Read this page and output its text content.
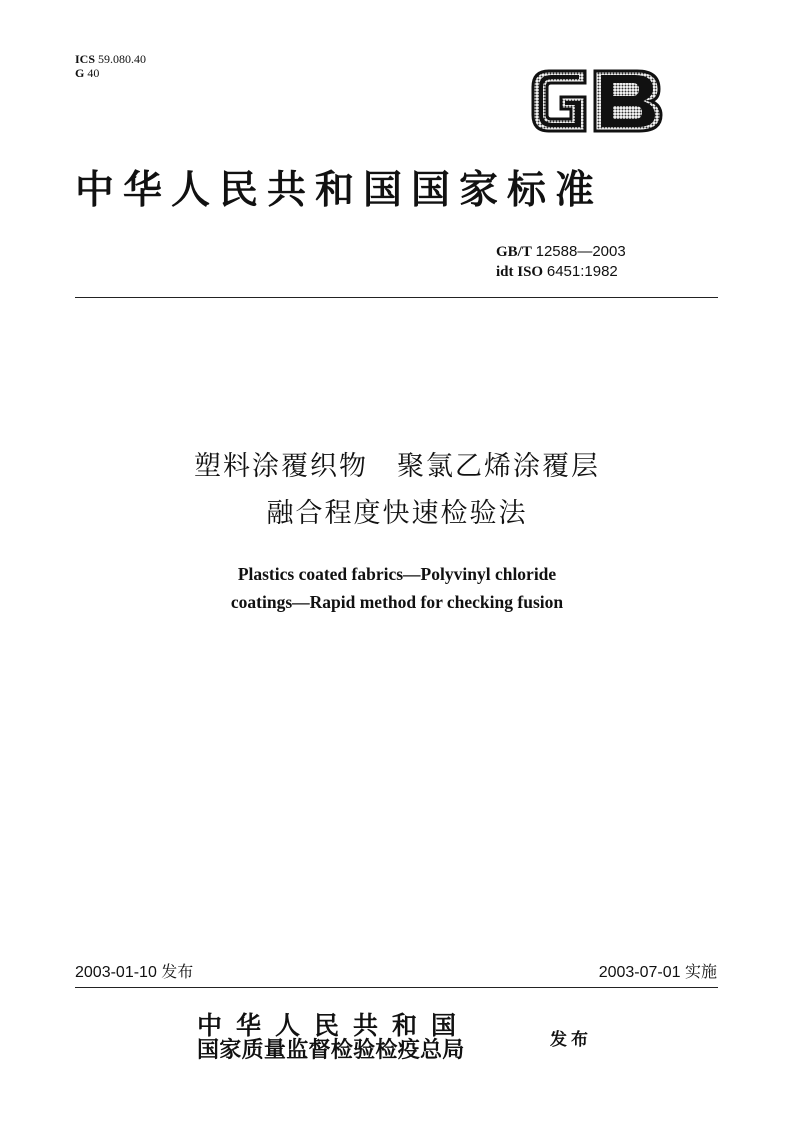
ICS 59.080.40
G 40
中华人民共和国国家标准
GB/T 12588—2003
idt ISO 6451:1982
塑料涂覆织物　聚氯乙烯涂覆层
融合程度快速检验法
Plastics coated fabrics—Polyvinyl chloride
coatings—Rapid method for checking fusion
2003-01-10 发布	2003-07-01 实施
中华人民共和国
国家质量监督检验检疫总局	发布
